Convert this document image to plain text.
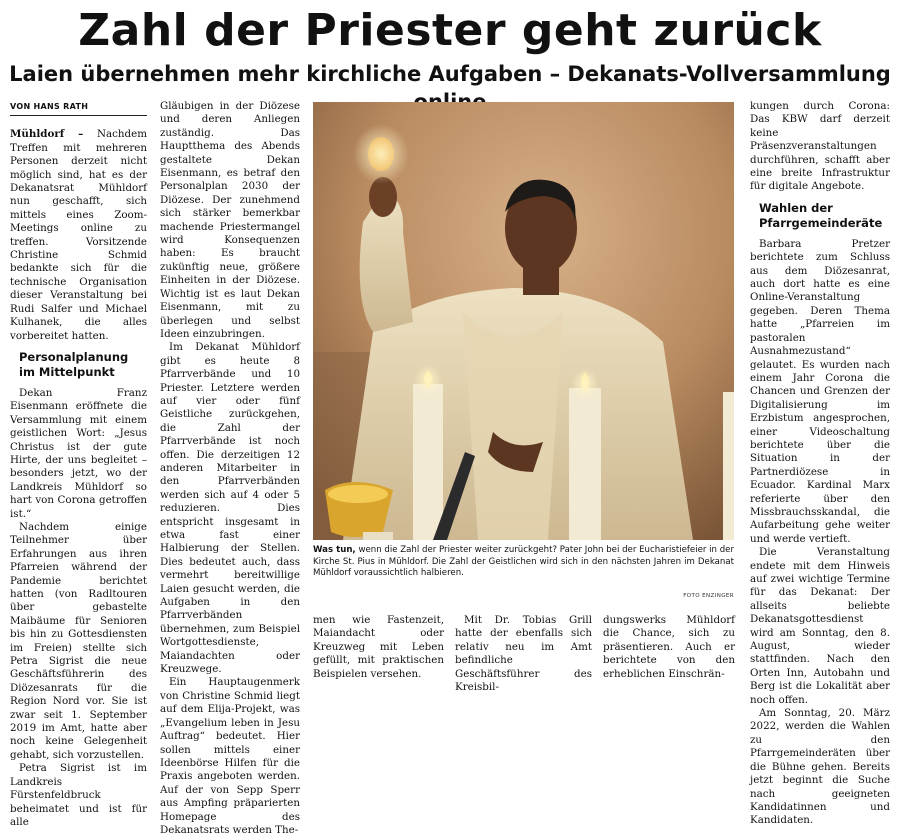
Zahl der Priester geht zurück
Laien übernehmen mehr kirchliche Aufgaben – Dekanats-Vollversammlung
VON HANS RATH

Mühldorf – Nachdem Treffen mit mehreren Personen derzeit nicht möglich sind, hat es der Dekanatsrat Mühldorf nun geschafft, sich mittels eines Zoom-Meetings online zu treffen. Vorsitzende Christine Schmid bedankte sich für die technische Organisation dieser Veranstaltung bei Rudi Salfer und Michael Kulhanek, die alles vorbereitet hatten.

Personalplanung im Mittelpunkt

Dekan Franz Eisenmann eröffnete die Versammlung mit einem geistlichen Wort: „Jesus Christus ist der gute Hirte, der uns begleitet – besonders jetzt, wo der Landkreis Mühldorf so hart von Corona getroffen ist.“

Nachdem einige Teilnehmer über Erfahrungen aus ihren Pfarreien während der Pandemie berichtet hatten (von Radltouren über gebastelte Maibäume für Senioren bis hin zu Gottesdiensten im Freien) stellte sich Petra Sigrist die neue Geschäftsführerin des Diözesanrats für die Region Nord vor. Sie ist zwar seit 1. September 2019 im Amt, hatte aber noch keine Gelegenheit gehabt, sich vorzustellen.

Petra Sigrist ist im Landkreis Fürstenfeldbruck beheimatet und ist für alle

Gläubigen in der Diözese und deren Anliegen zuständig. Das Hauptthema des Abends gestaltete Dekan Eisenmann, es betraf den Personalplan 2030 der Diözese. Der zunehmend sich stärker bemerkbar machende Priestermangel wird Konsequenzen haben: Es braucht zukünftig neue, größere Einheiten in der Diözese. Wichtig ist es laut Dekan Eisenmann, mit zu überlegen und selbst Ideen einzubringen.

Im Dekanat Mühldorf gibt es heute 8 Pfarrverbände und 10 Priester. Letztere werden auf vier oder fünf Geistliche zurückgehen, die Zahl der Pfarrverbände ist noch offen. Die derzeitigen 12 anderen Mitarbeiter in den Pfarrverbänden werden sich auf 4 oder 5 reduzieren. Dies entspricht insgesamt in etwa fast einer Halbierung der Stellen. Dies bedeutet auch, dass vermehrt bereitwillige Laien gesucht werden, die Aufgaben in den Pfarrverbänden übernehmen, zum Beispiel Wortgottesdienste, Maiandachten oder Kreuzwege.

Ein Hauptaugenmerk von Christine Schmid liegt auf dem Elija-Projekt, was „Evangelium leben in Jesu Auftrag“ bedeutet. Hier sollen mittels einer Ideenbörse Hilfen für die Praxis angeboten werden. Auf der von Sepp Sperr aus Ampfing präparierten Homepage des Dekanatsrats werden The-

Was tun, wenn die Zahl der Priester weiter zurückgeht? Pater John bei der Eucharistiefeier in der Kirche St. Pius in Mühldorf. Die Zahl der Geistlichen wird sich in den nächsten Jahren im Dekanat Mühldorf voraussichtlich halbieren.
FOTO ENZINGER

men wie Fastenzeit, Maiandacht oder Kreuzweg mit Leben gefüllt, mit praktischen Beispielen versehen.

Mit Dr. Tobias Grill hatte der ebenfalls sich relativ neu im Amt befindliche Geschäftsführer des Kreisbil-

dungswerks Mühldorf die Chance, sich zu präsentieren. Auch er berichtete von den erheblichen Einschrän-

kungen durch Corona: Das KBW darf derzeit keine Präsenzveranstaltungen durchführen, schafft aber eine breite Infrastruktur für digitale Angebote.

Wahlen der Pfarrgemeinderäte

Barbara Pretzer berichtete zum Schluss aus dem Diözesanrat, auch dort hatte es eine Online-Veranstaltung gegeben. Deren Thema hatte „Pfarreien im pastoralen Ausnahmezustand“ gelautet. Es wurden nach einem Jahr Corona die Chancen und Grenzen der Digitalisierung im Erzbistum angesprochen, einer Videoschaltung berichtete über die Situation in der Partnerdiözese in Ecuador. Kardinal Marx referierte über den Missbrauchsskandal, die Aufarbeitung gehe weiter und werde vertieft.

Die Veranstaltung endete mit dem Hinweis auf zwei wichtige Termine für das Dekanat: Der allseits beliebte Dekanatsgottesdienst wird am Sonntag, den 8. August, wieder stattfinden. Nach den Orten Inn, Autobahn und Berg ist die Lokalität aber noch offen.

Am Sonntag, 20. März 2022, werden die Wahlen zu den Pfarrgemeinderäten über die Bühne gehen. Bereits jetzt beginnt die Suche nach geeigneten Kandidatinnen und Kandidaten.
